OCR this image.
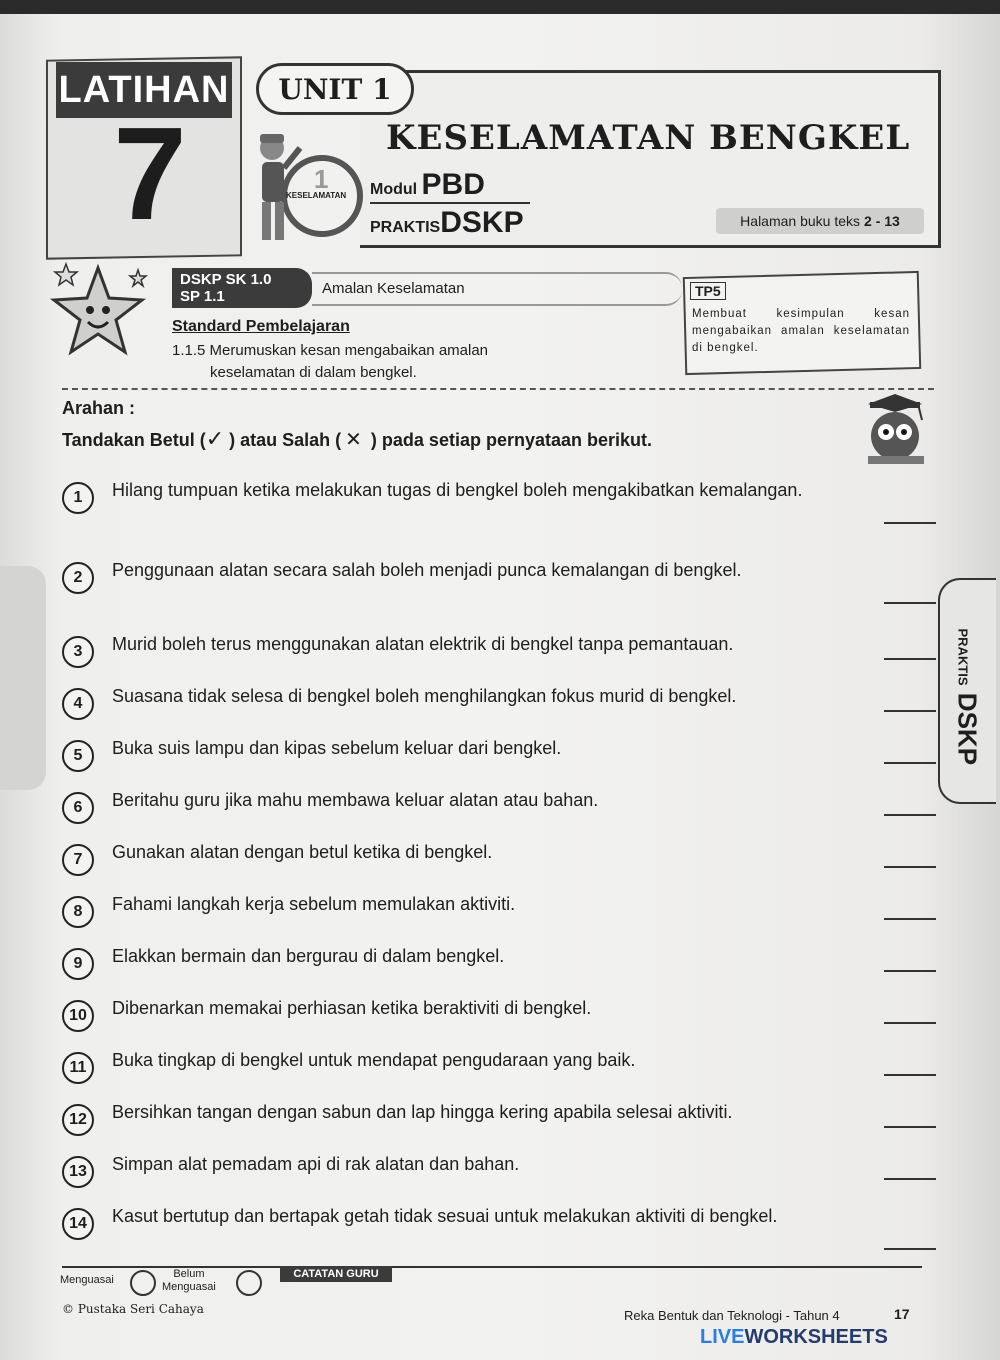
LATIHAN
7
UNIT 1
KESELAMATAN BENGKEL
1
KESELAMATAN Modul PBD
PRAKTISDSKP	Halaman buku teks 2 - 13
DSKP SK 1.0
SP 1.1	Amalan Keselamatan
Standard Pembelajaran
1.1.5 Merumuskan kesan mengabaikan amalan
keselamatan di dalam bengkel.
TP5
Membuat kesimpulan kesan mengabaikan amalan keselamatan di bengkel.
Arahan :
Tandakan Betul (✓ ) atau Salah ( ✕ ) pada setiap pernyataan berikut.
1	Hilang tumpuan ketika melakukan tugas di bengkel boleh mengakibatkan kemalangan.
2	Penggunaan alatan secara salah boleh menjadi punca kemalangan di bengkel.
3	Murid boleh terus menggunakan alatan elektrik di bengkel tanpa pemantauan.
4	Suasana tidak selesa di bengkel boleh menghilangkan fokus murid di bengkel.
5	Buka suis lampu dan kipas sebelum keluar dari bengkel.
6	Beritahu guru jika mahu membawa keluar alatan atau bahan.
7	Gunakan alatan dengan betul ketika di bengkel.
8	Fahami langkah kerja sebelum memulakan aktiviti.
9	Elakkan bermain dan bergurau di dalam bengkel.
10	Dibenarkan memakai perhiasan ketika beraktiviti di bengkel.
11	Buka tingkap di bengkel untuk mendapat pengudaraan yang baik.
12	Bersihkan tangan dengan sabun dan lap hingga kering apabila selesai aktiviti.
13	Simpan alat pemadam api di rak alatan dan bahan.
14	Kasut bertutup dan bertapak getah tidak sesuai untuk melakukan aktiviti di bengkel.
PRAKTIS DSKP
CATATAN GURU
Menguasai	Belum
Menguasai
© Pustaka Seri Cahaya	Reka Bentuk dan Teknologi - Tahun 4	17
LIVEWORKSHEETS
